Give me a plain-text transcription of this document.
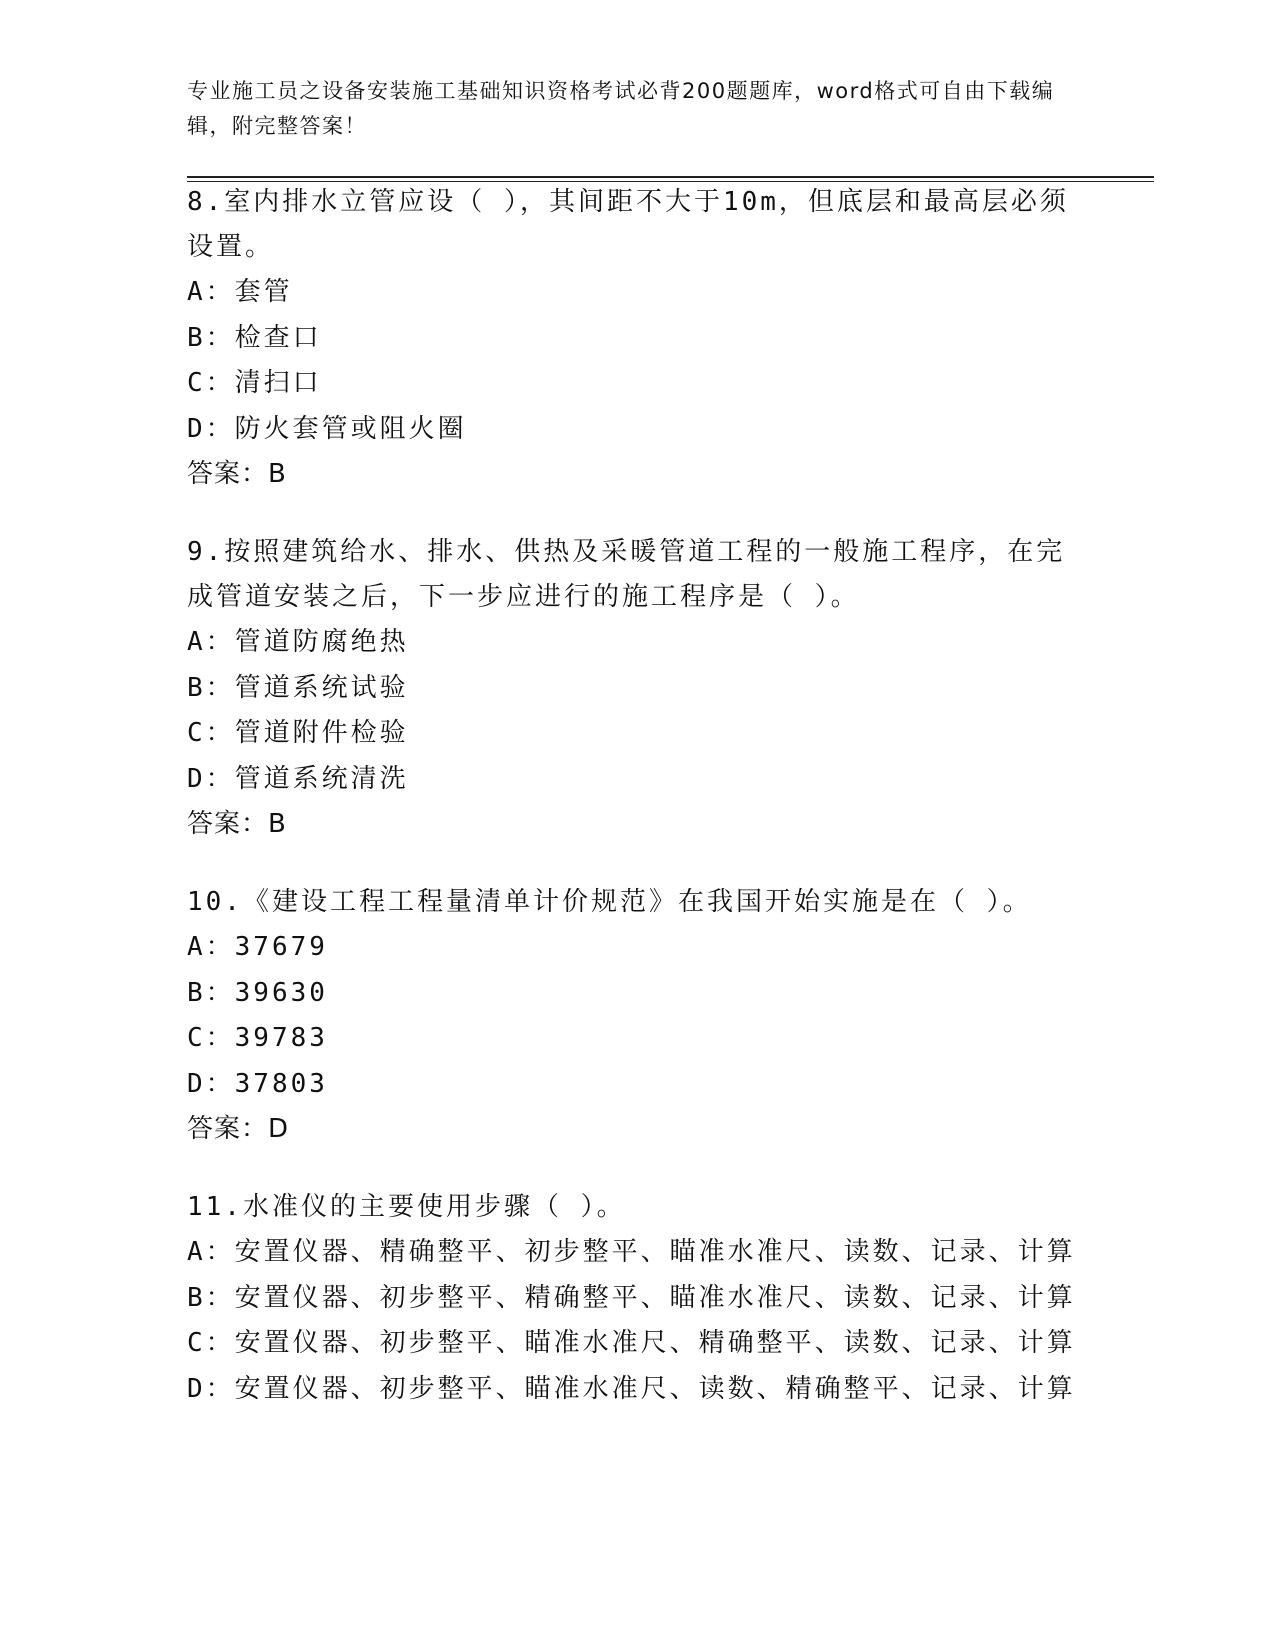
专业施工员之设备安装施工基础知识资格考试必背200题题库，word格式可自由下载编辑，附完整答案！
8.室内排水立管应设（ ），其间距不大于10m，但底层和最高层必须设置。
A：套管
B：检查口
C：清扫口
D：防火套管或阻火圈
答案：B
9.按照建筑给水、排水、供热及采暖管道工程的一般施工程序，在完成管道安装之后，下一步应进行的施工程序是（ ）。
A：管道防腐绝热
B：管道系统试验
C：管道附件检验
D：管道系统清洗
答案：B
10.《建设工程工程量清单计价规范》在我国开始实施是在（ ）。
A：37679
B：39630
C：39783
D：37803
答案：D
11.水准仪的主要使用步骤（ ）。
A：安置仪器、精确整平、初步整平、瞄准水准尺、读数、记录、计算
B：安置仪器、初步整平、精确整平、瞄准水准尺、读数、记录、计算
C：安置仪器、初步整平、瞄准水准尺、精确整平、读数、记录、计算
D：安置仪器、初步整平、瞄准水准尺、读数、精确整平、记录、计算
